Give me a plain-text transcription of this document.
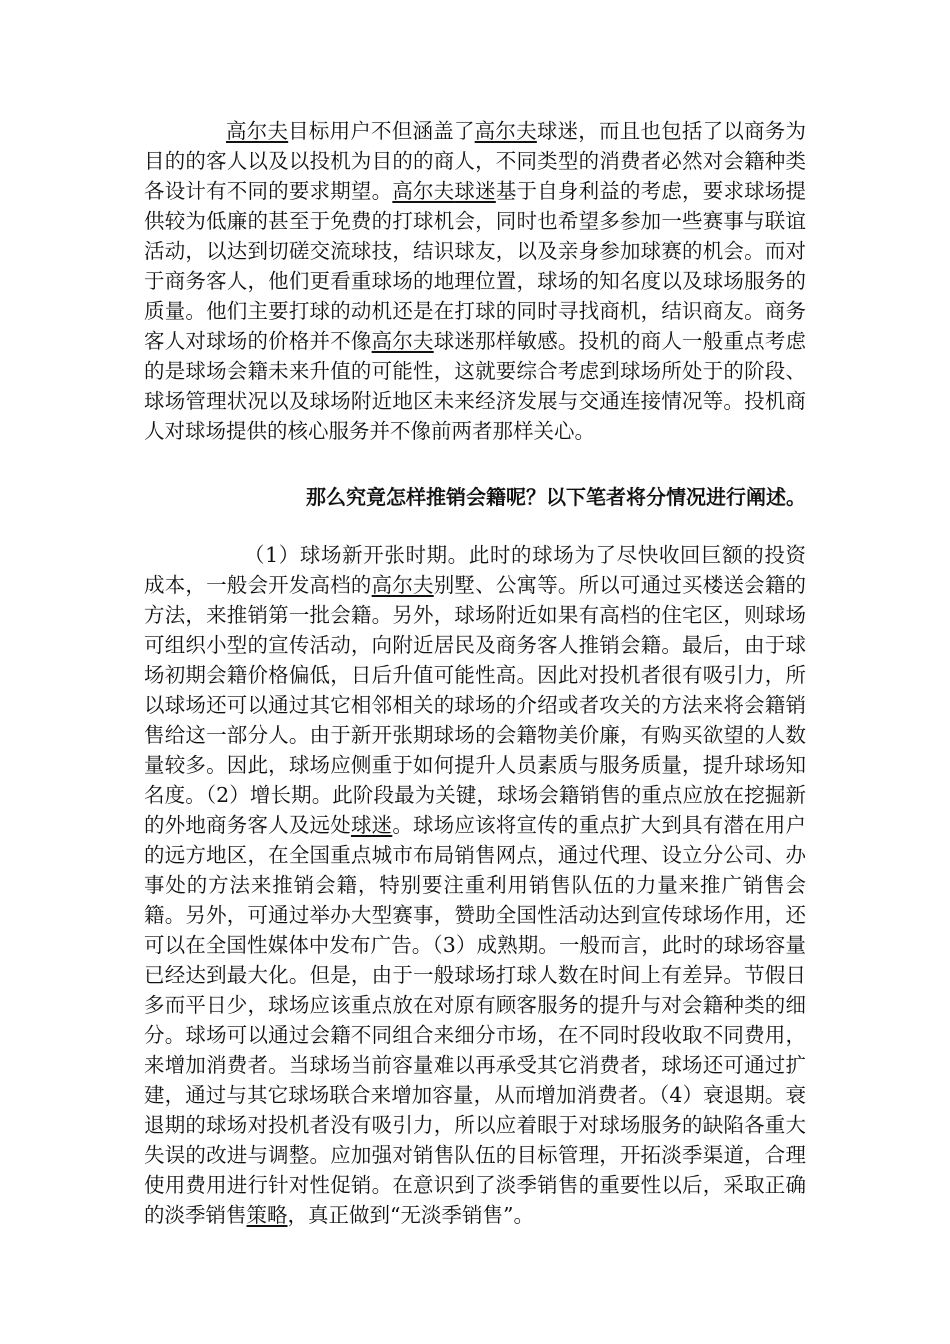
高尔夫目标用户不但涵盖了高尔夫球迷，而且也包括了以商务为目的的客人以及以投机为目的的商人，不同类型的消费者必然对会籍种类各设计有不同的要求期望。高尔夫球迷基于自身利益的考虑，要求球场提供较为低廉的甚至于免费的打球机会，同时也希望多参加一些赛事与联谊活动，以达到切磋交流球技，结识球友，以及亲身参加球赛的机会。而对于商务客人，他们更看重球场的地理位置，球场的知名度以及球场服务的质量。他们主要打球的动机还是在打球的同时寻找商机，结识商友。商务客人对球场的价格并不像高尔夫球迷那样敏感。投机的商人一般重点考虑的是球场会籍未来升值的可能性，这就要综合考虑到球场所处于的阶段、球场管理状况以及球场附近地区未来经济发展与交通连接情况等。投机商人对球场提供的核心服务并不像前两者那样关心。

那么究竟怎样推销会籍呢？以下笔者将分情况进行阐述。

（1）球场新开张时期。此时的球场为了尽快收回巨额的投资成本，一般会开发高档的高尔夫别墅、公寓等。所以可通过买楼送会籍的方法，来推销第一批会籍。另外，球场附近如果有高档的住宅区，则球场可组织小型的宣传活动，向附近居民及商务客人推销会籍。最后，由于球场初期会籍价格偏低，日后升值可能性高。因此对投机者很有吸引力，所以球场还可以通过其它相邻相关的球场的介绍或者攻关的方法来将会籍销售给这一部分人。由于新开张期球场的会籍物美价廉，有购买欲望的人数量较多。因此，球场应侧重于如何提升人员素质与服务质量，提升球场知名度。（2）增长期。此阶段最为关键，球场会籍销售的重点应放在挖掘新的外地商务客人及远处球迷。球场应该将宣传的重点扩大到具有潜在用户的远方地区，在全国重点城市布局销售网点，通过代理、设立分公司、办事处的方法来推销会籍，特别要注重利用销售队伍的力量来推广销售会籍。另外，可通过举办大型赛事，赞助全国性活动达到宣传球场作用，还可以在全国性媒体中发布广告。（3）成熟期。一般而言，此时的球场容量已经达到最大化。但是，由于一般球场打球人数在时间上有差异。节假日多而平日少，球场应该重点放在对原有顾客服务的提升与对会籍种类的细分。球场可以通过会籍不同组合来细分市场，在不同时段收取不同费用，来增加消费者。当球场当前容量难以再承受其它消费者，球场还可通过扩建，通过与其它球场联合来增加容量，从而增加消费者。（4）衰退期。衰退期的球场对投机者没有吸引力，所以应着眼于对球场服务的缺陷各重大失误的改进与调整。应加强对销售队伍的目标管理，开拓淡季渠道，合理使用费用进行针对性促销。在意识到了淡季销售的重要性以后，采取正确的淡季销售策略，真正做到“无淡季销售”。
